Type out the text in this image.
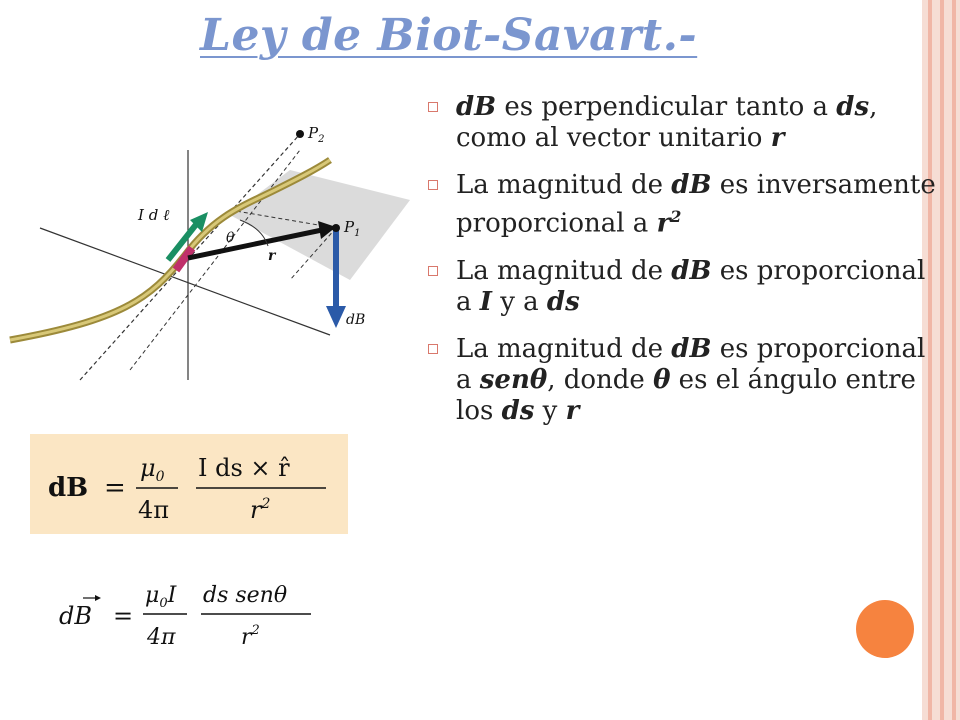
Ley de Biot-Savart.-
$P_2$
$P_1$
I d ℓ
θ
r
dB
dB =
$\mu_0$
4π
I ds × r̂
$r^2$
dB =
$\mu_0I$
4π
ds senθ
$r^2$
dB es perpendicular tanto a ds, como al vector unitario r
La magnitud de dB es inversamente proporcional a $r^2$
La magnitud de dB es proporcional a I y a ds
La magnitud de dB es proporcional a senθ, donde θ es el ángulo entre los ds y r
